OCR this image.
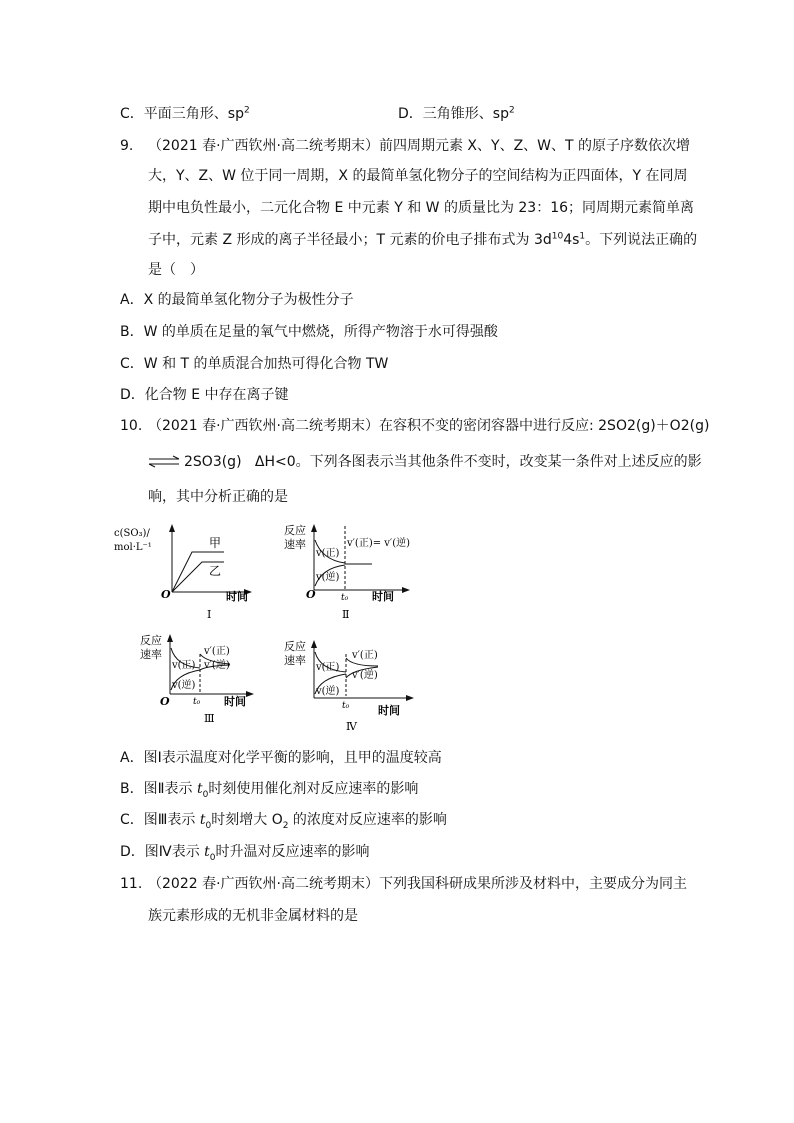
C．平面三角形、$sp^2$	D．三角锥形、$sp^2$
9. （2021 春·广西钦州·高二统考期末）前四周期元素 X、Y、Z、W、T 的原子序数依次增
大，Y、Z、W 位于同一周期，X 的最简单氢化物分子的空间结构为正四面体，Y 在同周
期中电负性最小，二元化合物 E 中元素 Y 和 W 的质量比为 23：16；同周期元素简单离
子中，元素 Z 形成的离子半径最小；T 元素的价电子排布式为 $3d^{10}4s^1$。下列说法正确的
是（　）
A．X 的最简单氢化物分子为极性分子
B．W 的单质在足量的氧气中燃烧，所得产物溶于水可得强酸
C．W 和 T 的单质混合加热可得化合物 TW
D．化合物 E 中存在离子键
10. （2021 春·广西钦州·高二统考期末）在容积不变的密闭容器中进行反应: 2SO2(g)＋O2(g)
⇌ 2SO3(g) ΔH<0。下列各图表示当其他条件不变时，改变某一条件对上述反应的影
响，其中分析正确的是
c(SO₃)/
mol·L⁻¹	甲
乙
O	时间
Ⅰ
反应
速率
v(正)
v(逆)
v′(正)= v′(逆)
O	t₀ 时间
Ⅱ
反应
速率
v(正)
v(逆)
v′(正)
v′(逆)
O	t₀ 时间
Ⅲ
反应
速率
v(正)
v(逆)
v′(正)
v′(逆)
t₀	时间
Ⅳ
A．图Ⅰ表示温度对化学平衡的影响，且甲的温度较高
B．图Ⅱ表示 $t_0$时刻使用催化剂对反应速率的影响
C．图Ⅲ表示 $t_0$时刻增大 $O_2$ 的浓度对反应速率的影响
D．图Ⅳ表示 $t_0$时升温对反应速率的影响
11. （2022 春·广西钦州·高二统考期末）下列我国科研成果所涉及材料中，主要成分为同主
族元素形成的无机非金属材料的是
